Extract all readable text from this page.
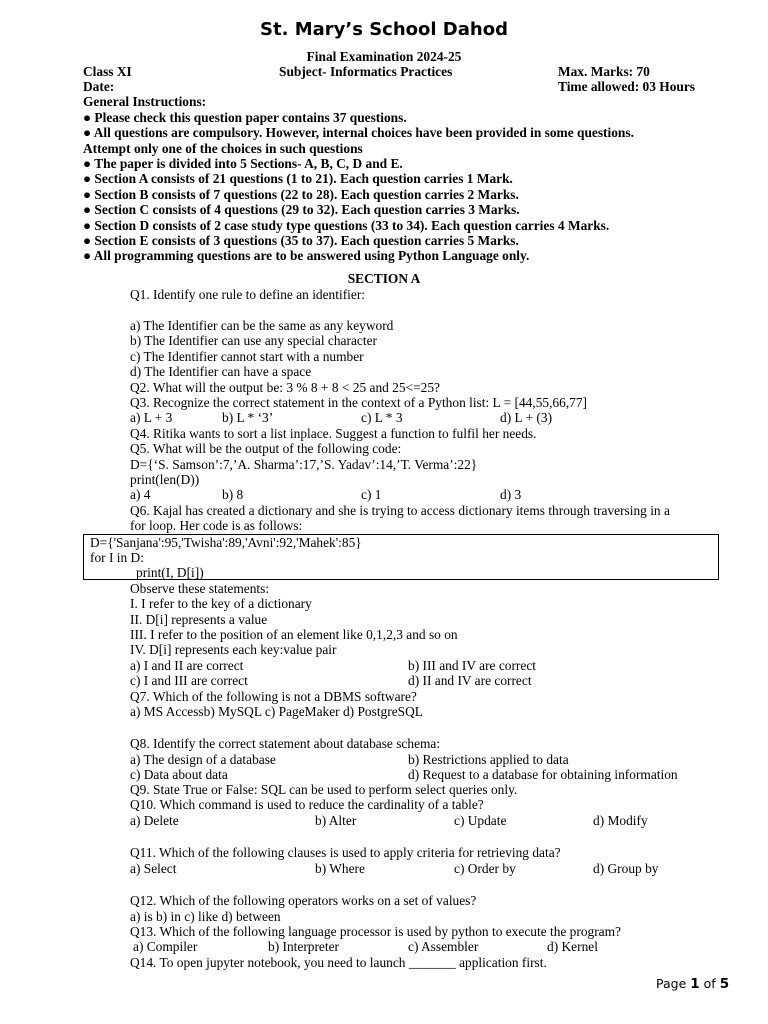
St. Mary’s School Dahod
Final Examination 2024-25
Class XI	Subject- Informatics Practices	Max. Marks: 70
Date:	Time allowed: 03 Hours
General Instructions:
● Please check this question paper contains 37 questions.
● All questions are compulsory. However, internal choices have been provided in some questions.
Attempt only one of the choices in such questions
● The paper is divided into 5 Sections- A, B, C, D and E.
● Section A consists of 21 questions (1 to 21). Each question carries 1 Mark.
● Section B consists of 7 questions (22 to 28). Each question carries 2 Marks.
● Section C consists of 4 questions (29 to 32). Each question carries 3 Marks.
● Section D consists of 2 case study type questions (33 to 34). Each question carries 4 Marks.
● Section E consists of 3 questions (35 to 37). Each question carries 5 Marks.
● All programming questions are to be answered using Python Language only.
SECTION A
Q1. Identify one rule to define an identifier:
a) The Identifier can be the same as any keyword
b) The Identifier can use any special character
c) The Identifier cannot start with a number
d) The Identifier can have a space
Q2. What will the output be: 3 % 8 + 8 < 25 and 25<=25?
Q3. Recognize the correct statement in the context of a Python list: L = [44,55,66,77]
a) L + 3	b) L * ‘3’	c) L * 3	d) L + (3)
Q4. Ritika wants to sort a list inplace. Suggest a function to fulfil her needs.
Q5. What will be the output of the following code:
D={‘S. Samson’:7,’A. Sharma’:17,’S. Yadav’:14,’T. Verma’:22}
print(len(D))
a) 4	b) 8	c) 1	d) 3
Q6. Kajal has created a dictionary and she is trying to access dictionary items through traversing in a
for loop. Her code is as follows:
D={'Sanjana':95,'Twisha':89,'Avni':92,'Mahek':85}
for I in D:
print(I, D[i])
Observe these statements:
I. I refer to the key of a dictionary
II. D[i] represents a value
III. I refer to the position of an element like 0,1,2,3 and so on
IV. D[i] represents each key:value pair
a) I and II are correct	b) III and IV are correct
c) I and III are correct	d) II and IV are correct
Q7. Which of the following is not a DBMS software?
a) MS Accessb) MySQL c) PageMaker d) PostgreSQL
Q8. Identify the correct statement about database schema:
a) The design of a database	b) Restrictions applied to data
c) Data about data	d) Request to a database for obtaining information
Q9. State True or False: SQL can be used to perform select queries only.
Q10. Which command is used to reduce the cardinality of a table?
a) Delete	b) Alter	c) Update	d) Modify
Q11. Which of the following clauses is used to apply criteria for retrieving data?
a) Select	b) Where	c) Order by	d) Group by
Q12. Which of the following operators works on a set of values?
a) is b) in c) like d) between
Q13. Which of the following language processor is used by python to execute the program?
a) Compiler	b) Interpreter	c) Assembler	d) Kernel
Q14. To open jupyter notebook, you need to launch _______ application first.
Page 1 of 5
